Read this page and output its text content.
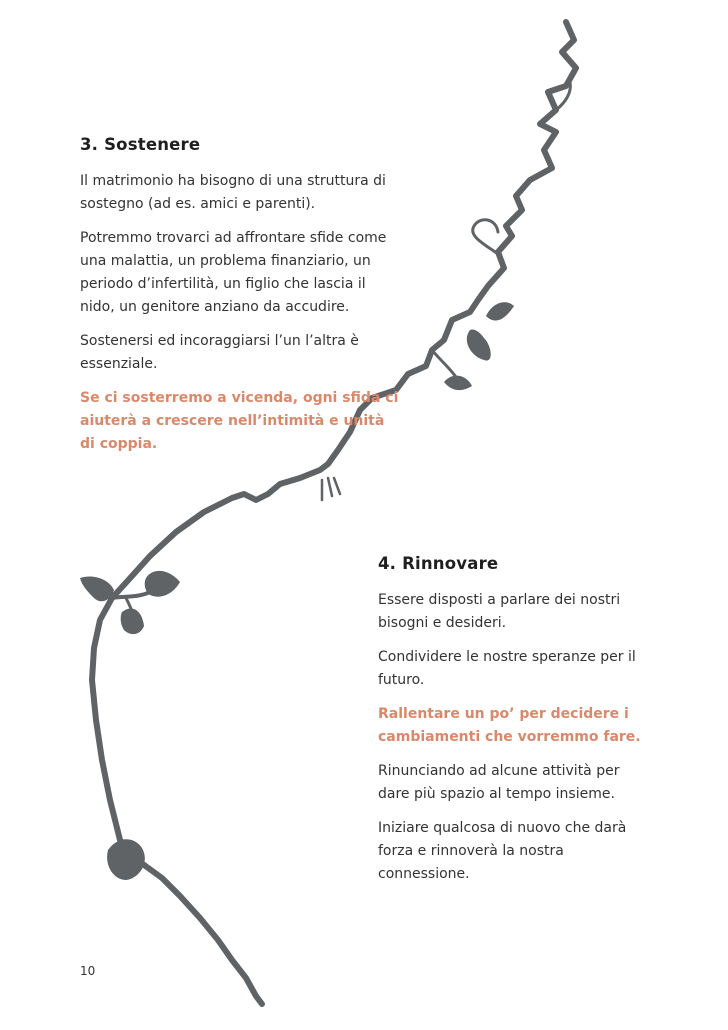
3. Sostenere

Il matrimonio ha bisogno di una struttura di sostegno (ad es. amici e parenti).

Potremmo trovarci ad affrontare sfide come una malattia, un problema finanziario, un periodo d’infertilità, un figlio che lascia il nido, un genitore anziano da accudire.

Sostenersi ed incoraggiarsi l’un l’altra è essenziale.

Se ci sosterremo a vicenda, ogni sfida ci aiuterà a crescere nell’intimità e unità di coppia.

4. Rinnovare

Essere disposti a parlare dei nostri bisogni e desideri.

Condividere le nostre speranze per il futuro.

Rallentare un po’ per decidere i cambiamenti che vorremmo fare.

Rinunciando ad alcune attività per dare più spazio al tempo insieme.

Iniziare qualcosa di nuovo che darà forza e rinnoverà la nostra connessione.

10
